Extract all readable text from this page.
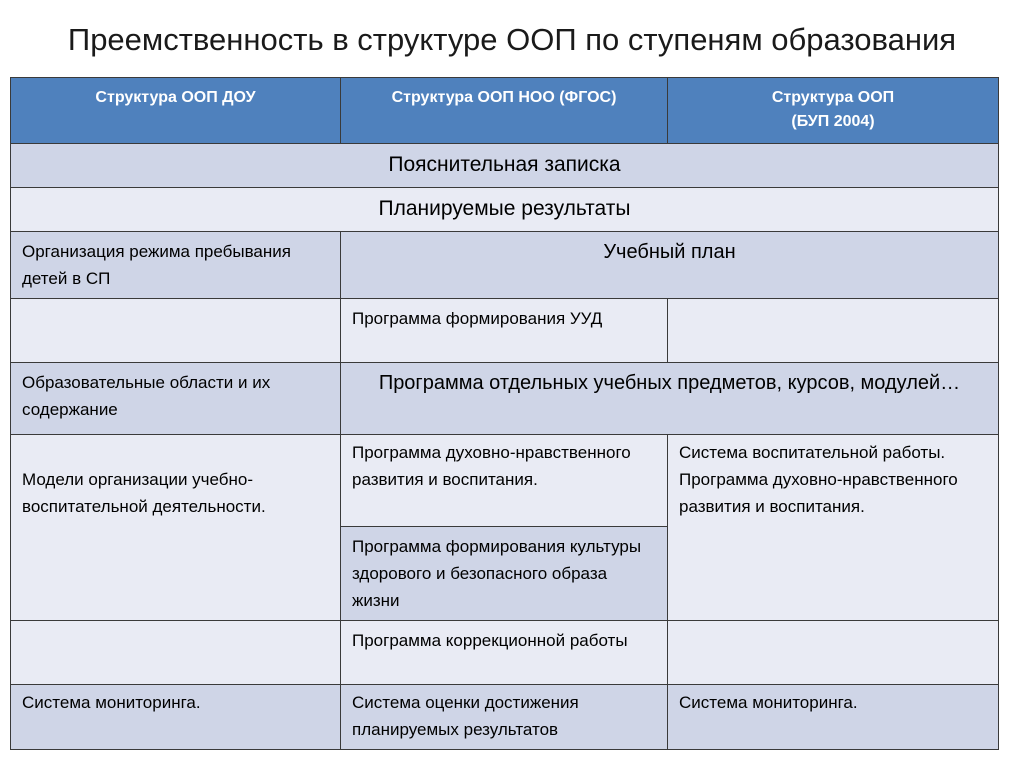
Преемственность в структуре ООП по ступеням образования
Структура ООП ДОУ	Структура ООП НОО (ФГОС)	Структура ООП
(БУП 2004)

Пояснительная записка		

Планируемые результаты		

Организация режима пребывания детей в СП	Учебный план	

	Программа формирования УУД	

Образовательные области и их содержание	Программа отдельных учебных предметов, курсов, модулей…	

Модели организации учебно-воспитательной деятельности.	Программа духовно-нравственного развития и воспитания.	Система воспитательной работы.
Программа духовно-нравственного развития и воспитания.

	Программа формирования культуры здорового и безопасного образа жизни	

	Программа коррекционной работы	

Система мониторинга.	Система оценки достижения планируемых результатов	Система мониторинга.
